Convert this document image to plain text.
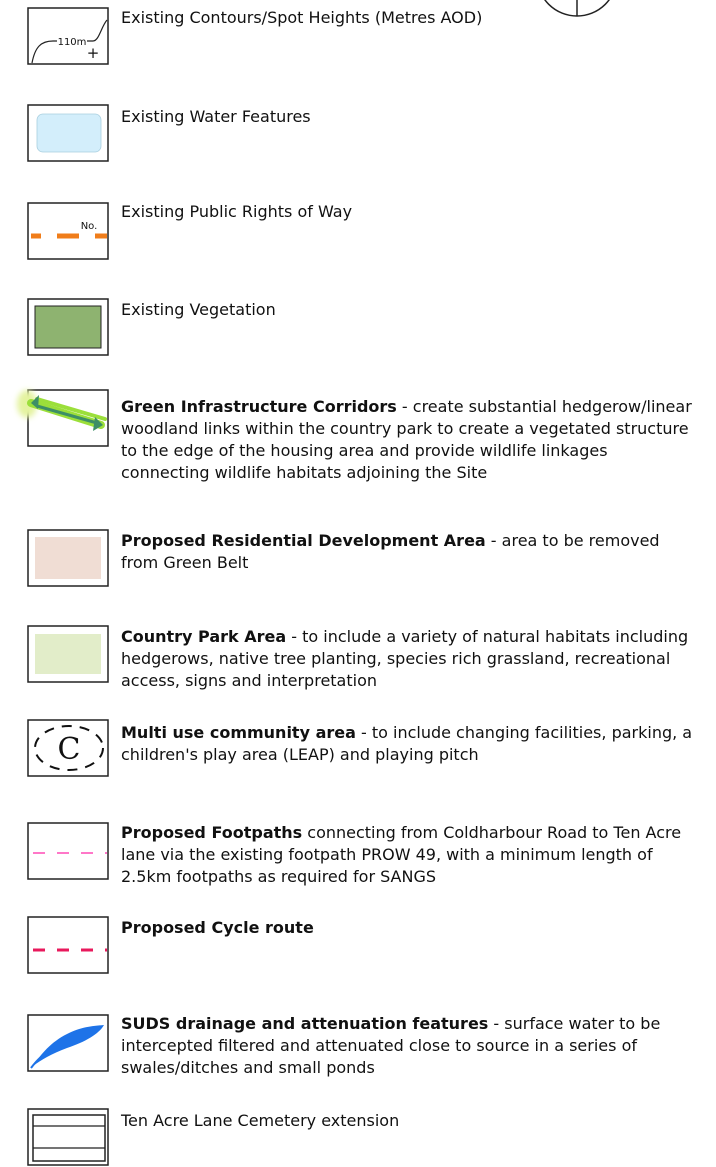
110m
+
Existing Contours/Spot Heights (Metres AOD)
Existing Water Features
No.
Existing Public Rights of Way
Existing Vegetation
Green Infrastructure Corridors - create substantial hedgerow/linear woodland links within the country park to create a vegetated structure to the edge of the housing area and provide wildlife linkages connecting wildlife habitats adjoining the Site
Proposed Residential Development Area - area to be removed from Green Belt
Country Park Area - to include a variety of natural habitats including hedgerows, native tree planting, species rich grassland, recreational access, signs and interpretation
C	Multi use community area - to include changing facilities, parking, a children's play area (LEAP) and playing pitch
Proposed Footpaths connecting from Coldharbour Road to Ten Acre lane via the existing footpath PROW 49, with a minimum length of 2.5km footpaths as required for SANGS
Proposed Cycle route
SUDS drainage and attenuation features - surface water to be intercepted filtered and attenuated close to source in a series of swales/ditches and small ponds
Ten Acre Lane Cemetery extension
